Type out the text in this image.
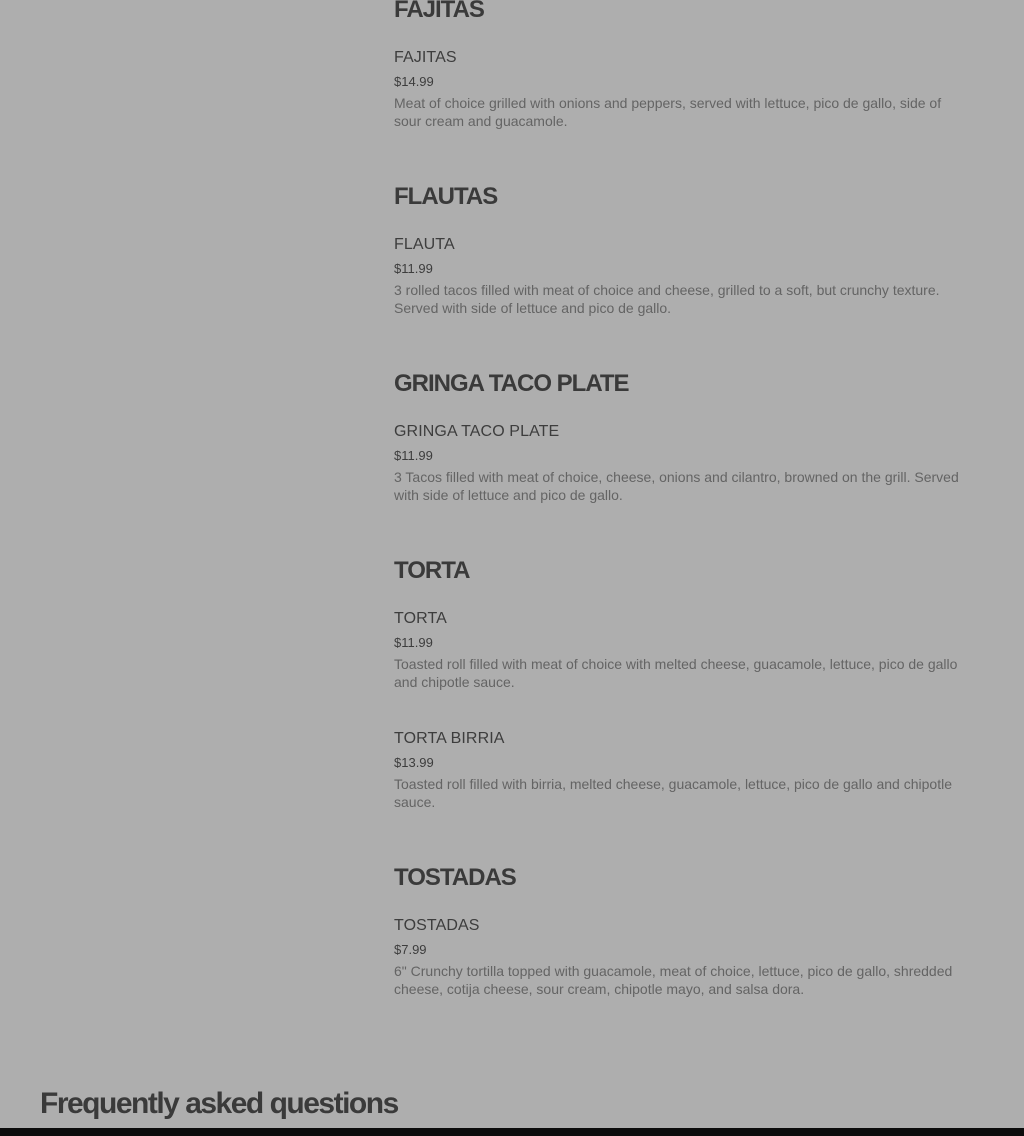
FAJITAS
FAJITAS
$14.99

Meat of choice grilled with onions and peppers, served with lettuce, pico de gallo, side of sour cream and guacamole.

FLAUTAS
FLAUTA
$11.99

3 rolled tacos filled with meat of choice and cheese, grilled to a soft, but crunchy texture. Served with side of lettuce and pico de gallo.

GRINGA TACO PLATE
GRINGA TACO PLATE
$11.99

3 Tacos filled with meat of choice, cheese, onions and cilantro, browned on the grill. Served with side of lettuce and pico de gallo.

TORTA
TORTA
$11.99

Toasted roll filled with meat of choice with melted cheese, guacamole, lettuce, pico de gallo and chipotle sauce.

TORTA BIRRIA
$13.99

Toasted roll filled with birria, melted cheese, guacamole, lettuce, pico de gallo and chipotle sauce.

TOSTADAS
TOSTADAS
$7.99

6" Crunchy tortilla topped with guacamole, meat of choice, lettuce, pico de gallo, shredded cheese, cotija cheese, sour cream, chipotle mayo, and salsa dora.

Frequently asked questions
